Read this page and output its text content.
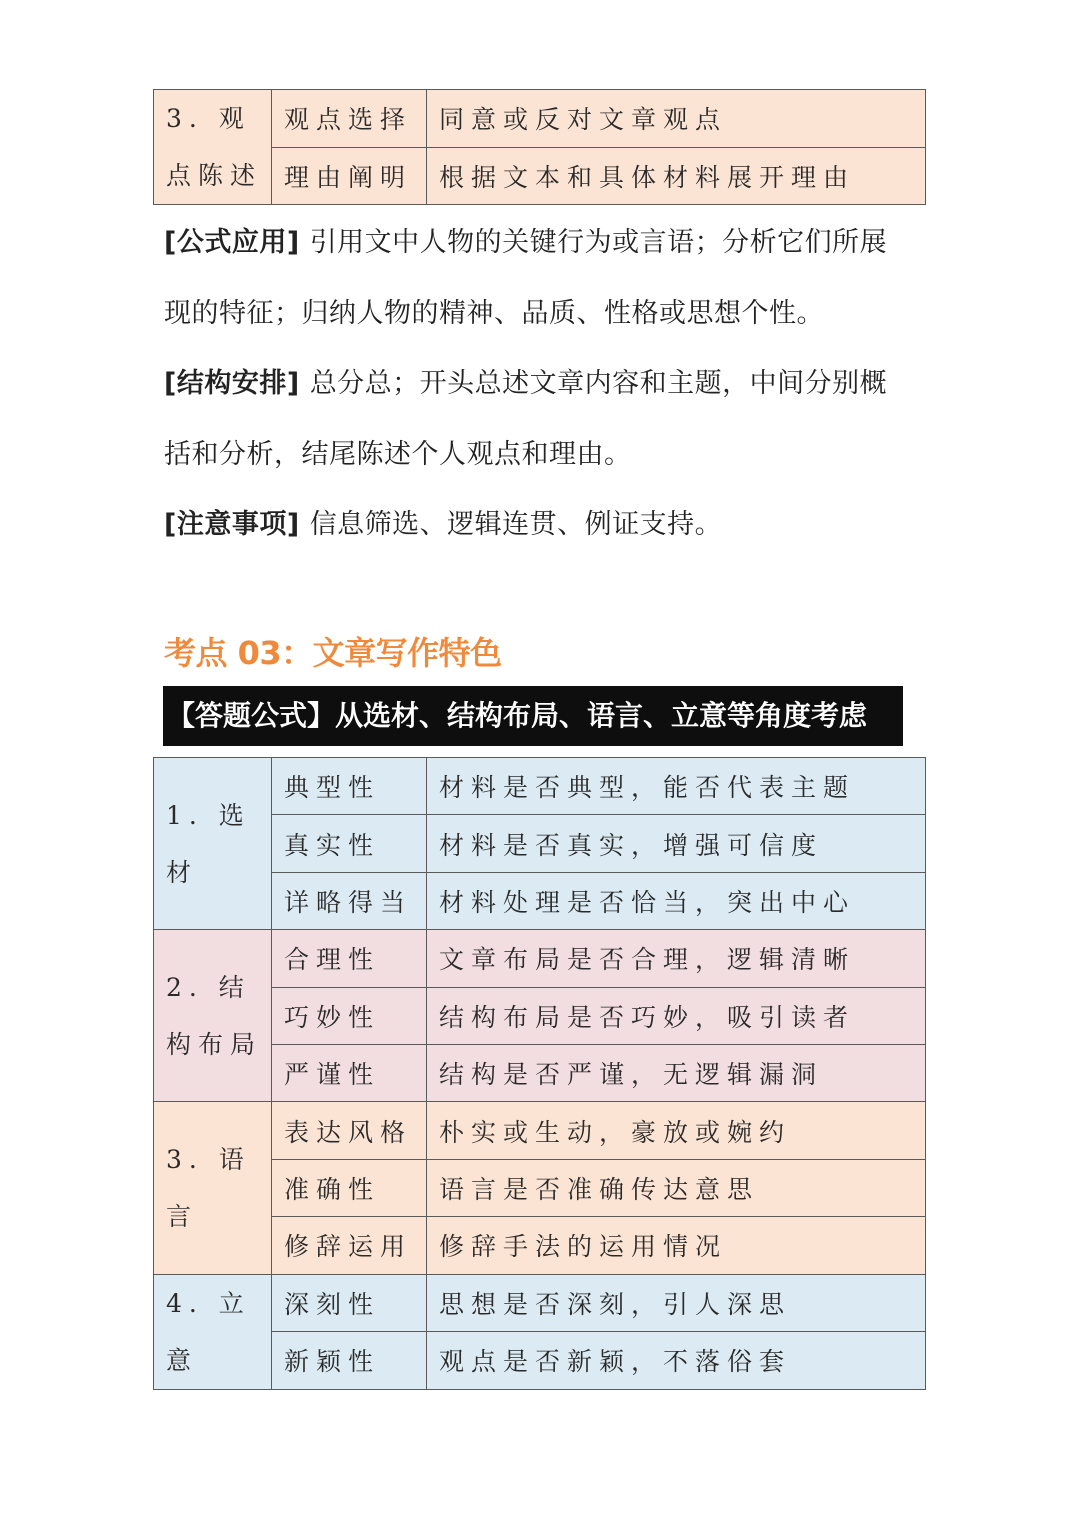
3. 观点陈述	观点选择	同意或反对文章观点
	理由阐明	根据文本和具体材料展开理由
[公式应用] 引用文中人物的关键行为或言语；分析它们所展
现的特征；归纳人物的精神、品质、性格或思想个性。
[结构安排] 总分总；开头总述文章内容和主题，中间分别概
括和分析，结尾陈述个人观点和理由。
[注意事项] 信息筛选、逻辑连贯、例证支持。
考点 03：文章写作特色
【答题公式】从选材、结构布局、语言、立意等角度考虑
1. 选材	典型性	材料是否典型，能否代表主题
	真实性	材料是否真实，增强可信度
	详略得当	材料处理是否恰当，突出中心
2. 结构布局	合理性	文章布局是否合理，逻辑清晰
	巧妙性	结构布局是否巧妙，吸引读者
	严谨性	结构是否严谨，无逻辑漏洞
3. 语言	表达风格	朴实或生动，豪放或婉约
	准确性	语言是否准确传达意思
	修辞运用	修辞手法的运用情况
4. 立意	深刻性	思想是否深刻，引人深思
	新颖性	观点是否新颖，不落俗套
